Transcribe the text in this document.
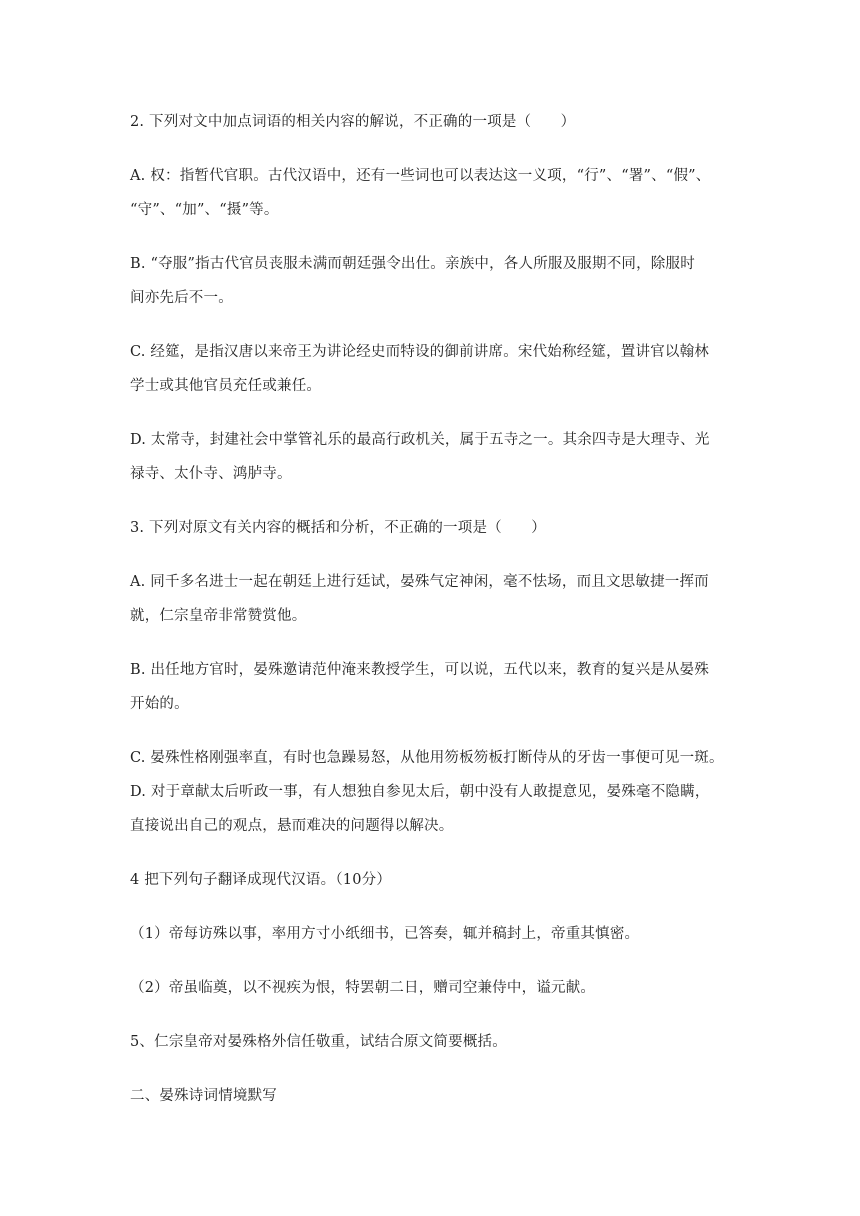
2. 下列对文中加点词语的相关内容的解说，不正确的一项是（　　）
A. 权：指暂代官职。古代汉语中，还有一些词也可以表达这一义项，“行”、“署”、“假”、
“守”、“加”、“摄”等。
B. “夺服”指古代官员丧服未满而朝廷强令出仕。亲族中，各人所服及服期不同，除服时
间亦先后不一。
C. 经筵，是指汉唐以来帝王为讲论经史而特设的御前讲席。宋代始称经筵，置讲官以翰林
学士或其他官员充任或兼任。
D. 太常寺，封建社会中掌管礼乐的最高行政机关，属于五寺之一。其余四寺是大理寺、光
禄寺、太仆寺、鸿胪寺。
3. 下列对原文有关内容的概括和分析，不正确的一项是（　　）
A. 同千多名进士一起在朝廷上进行廷试，晏殊气定神闲，毫不怯场，而且文思敏捷一挥而
就，仁宗皇帝非常赞赏他。
B. 出任地方官时，晏殊邀请范仲淹来教授学生，可以说，五代以来，教育的复兴是从晏殊
开始的。
C. 晏殊性格刚强率直，有时也急躁易怒，从他用笏板笏板打断侍从的牙齿一事便可见一斑。
D. 对于章献太后听政一事，有人想独自参见太后，朝中没有人敢提意见，晏殊毫不隐瞒，
直接说出自己的观点，悬而难决的问题得以解决。
4 把下列句子翻译成现代汉语。（10分）
（1）帝每访殊以事，率用方寸小纸细书，已答奏，辄并稿封上，帝重其慎密。
（2）帝虽临奠，以不视疾为恨，特罢朝二日，赠司空兼侍中，谥元献。
5、仁宗皇帝对晏殊格外信任敬重，试结合原文简要概括。
二、晏殊诗词情境默写
